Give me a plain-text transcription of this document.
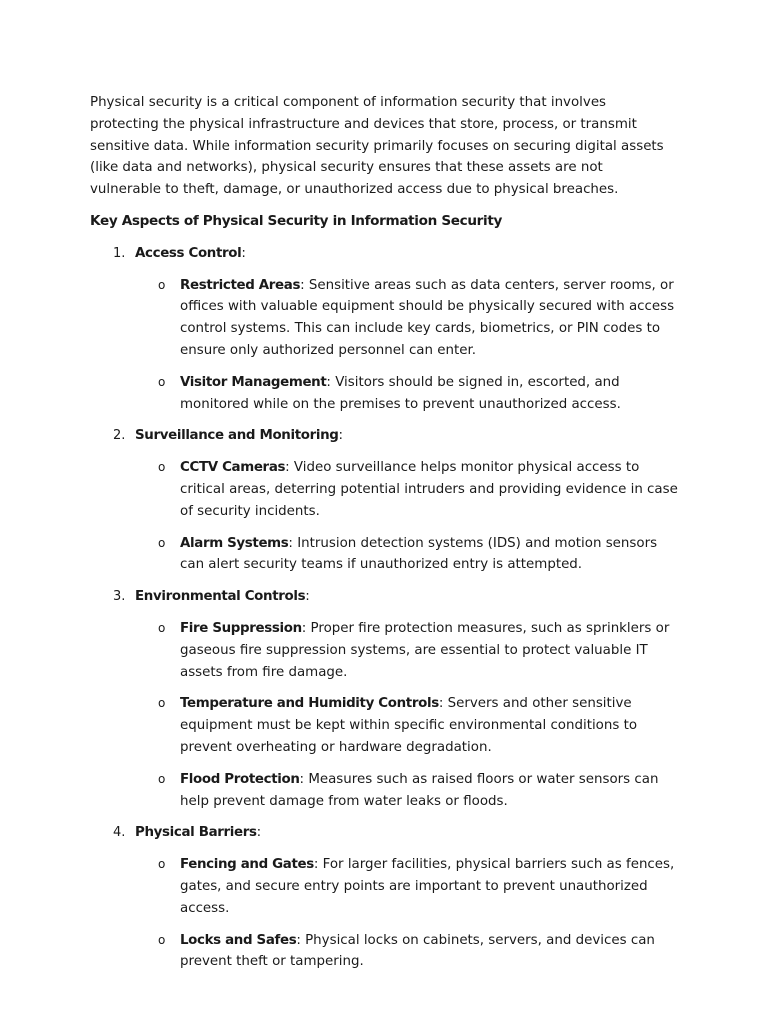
Physical security is a critical component of information security that involves protecting the physical infrastructure and devices that store, process, or transmit sensitive data. While information security primarily focuses on securing digital assets (like data and networks), physical security ensures that these assets are not vulnerable to theft, damage, or unauthorized access due to physical breaches.

Key Aspects of Physical Security in Information Security
1. Access Control:
o Restricted Areas: Sensitive areas such as data centers, server rooms, or offices with valuable equipment should be physically secured with access control systems. This can include key cards, biometrics, or PIN codes to ensure only authorized personnel can enter.
o Visitor Management: Visitors should be signed in, escorted, and monitored while on the premises to prevent unauthorized access.
2. Surveillance and Monitoring:
o CCTV Cameras: Video surveillance helps monitor physical access to critical areas, deterring potential intruders and providing evidence in case of security incidents.
o Alarm Systems: Intrusion detection systems (IDS) and motion sensors can alert security teams if unauthorized entry is attempted.
3. Environmental Controls:
o Fire Suppression: Proper fire protection measures, such as sprinklers or gaseous fire suppression systems, are essential to protect valuable IT assets from fire damage.
o Temperature and Humidity Controls: Servers and other sensitive equipment must be kept within specific environmental conditions to prevent overheating or hardware degradation.
o Flood Protection: Measures such as raised floors or water sensors can help prevent damage from water leaks or floods.
4. Physical Barriers:
o Fencing and Gates: For larger facilities, physical barriers such as fences, gates, and secure entry points are important to prevent unauthorized access.
o Locks and Safes: Physical locks on cabinets, servers, and devices can prevent theft or tampering.
